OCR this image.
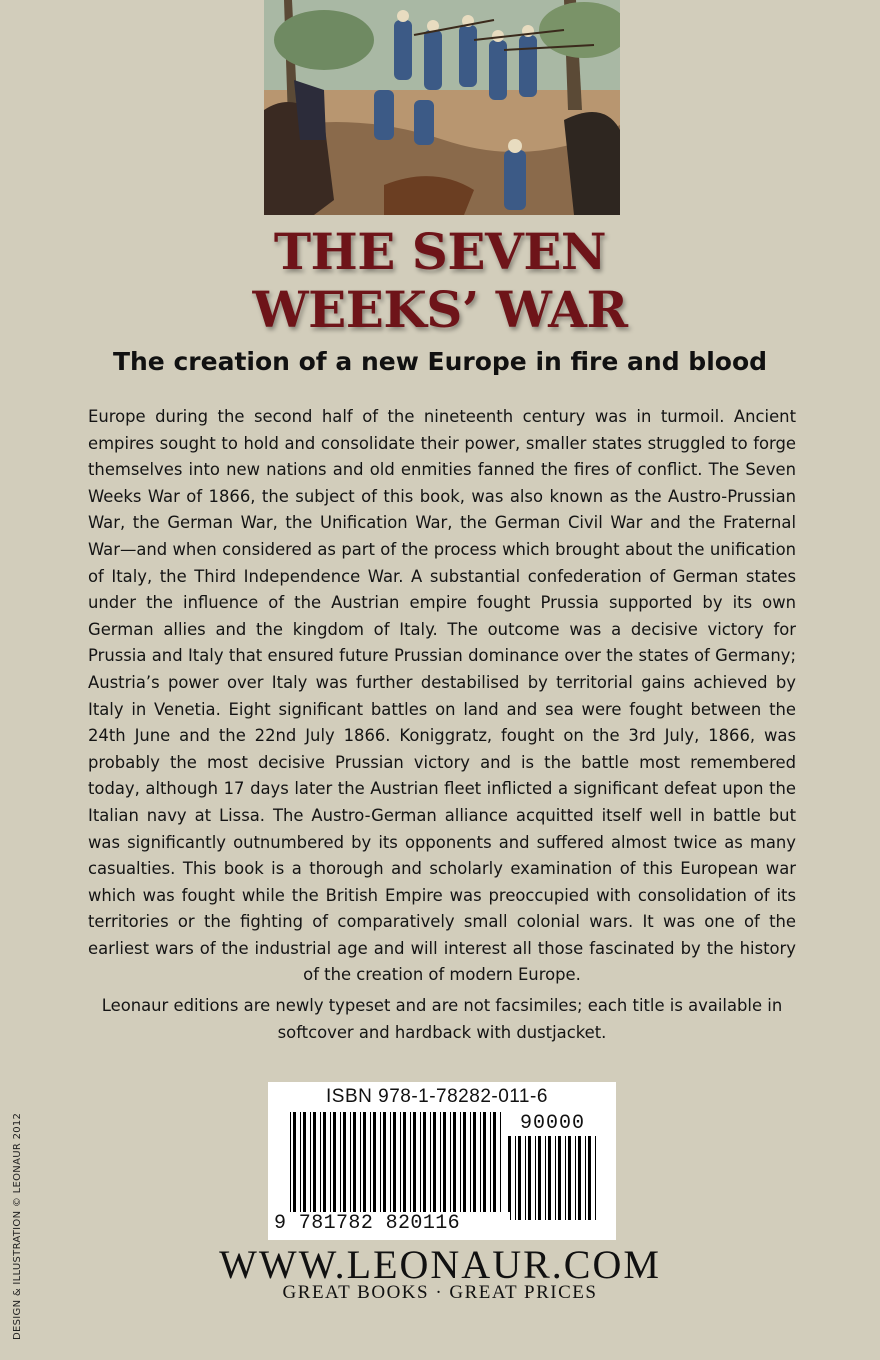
THE SEVEN
WEEKS’ WAR
The creation of a new Europe in fire and blood

Europe during the second half of the nineteenth century was in turmoil. Ancient empires sought to hold and consolidate their power, smaller states struggled to forge themselves into new nations and old enmities fanned the fires of conflict. The Seven Weeks War of 1866, the subject of this book, was also known as the Austro-Prussian War, the German War, the Unification War, the German Civil War and the Fraternal War—and when considered as part of the process which brought about the unification of Italy, the Third Independence War. A substantial confederation of German states under the influence of the Austrian empire fought Prussia supported by its own German allies and the kingdom of Italy. The outcome was a decisive victory for Prussia and Italy that ensured future Prussian dominance over the states of Germany; Austria’s power over Italy was further destabilised by territorial gains achieved by Italy in Venetia. Eight significant battles on land and sea were fought between the 24th June and the 22nd July 1866. Koniggratz, fought on the 3rd July, 1866, was probably the most decisive Prussian victory and is the battle most remembered today, although 17 days later the Austrian fleet inflicted a significant defeat upon the Italian navy at Lissa. The Austro-German alliance acquitted itself well in battle but was significantly outnumbered by its opponents and suffered almost twice as many casualties. This book is a thorough and scholarly examination of this European war which was fought while the British Empire was preoccupied with consolidation of its territories or the fighting of comparatively small colonial wars. It was one of the earliest wars of the industrial age and will interest all those fascinated by the history of the creation of modern Europe.

Leonaur editions are newly typeset and are not facsimiles; each title is available in softcover and hardback with dustjacket.

ISBN 978-1-78282-011-6
90000
9 781782 820116
WWW.LEONAUR.COM
GREAT BOOKS · GREAT PRICES
DESIGN & ILLUSTRATION © LEONAUR 2012
